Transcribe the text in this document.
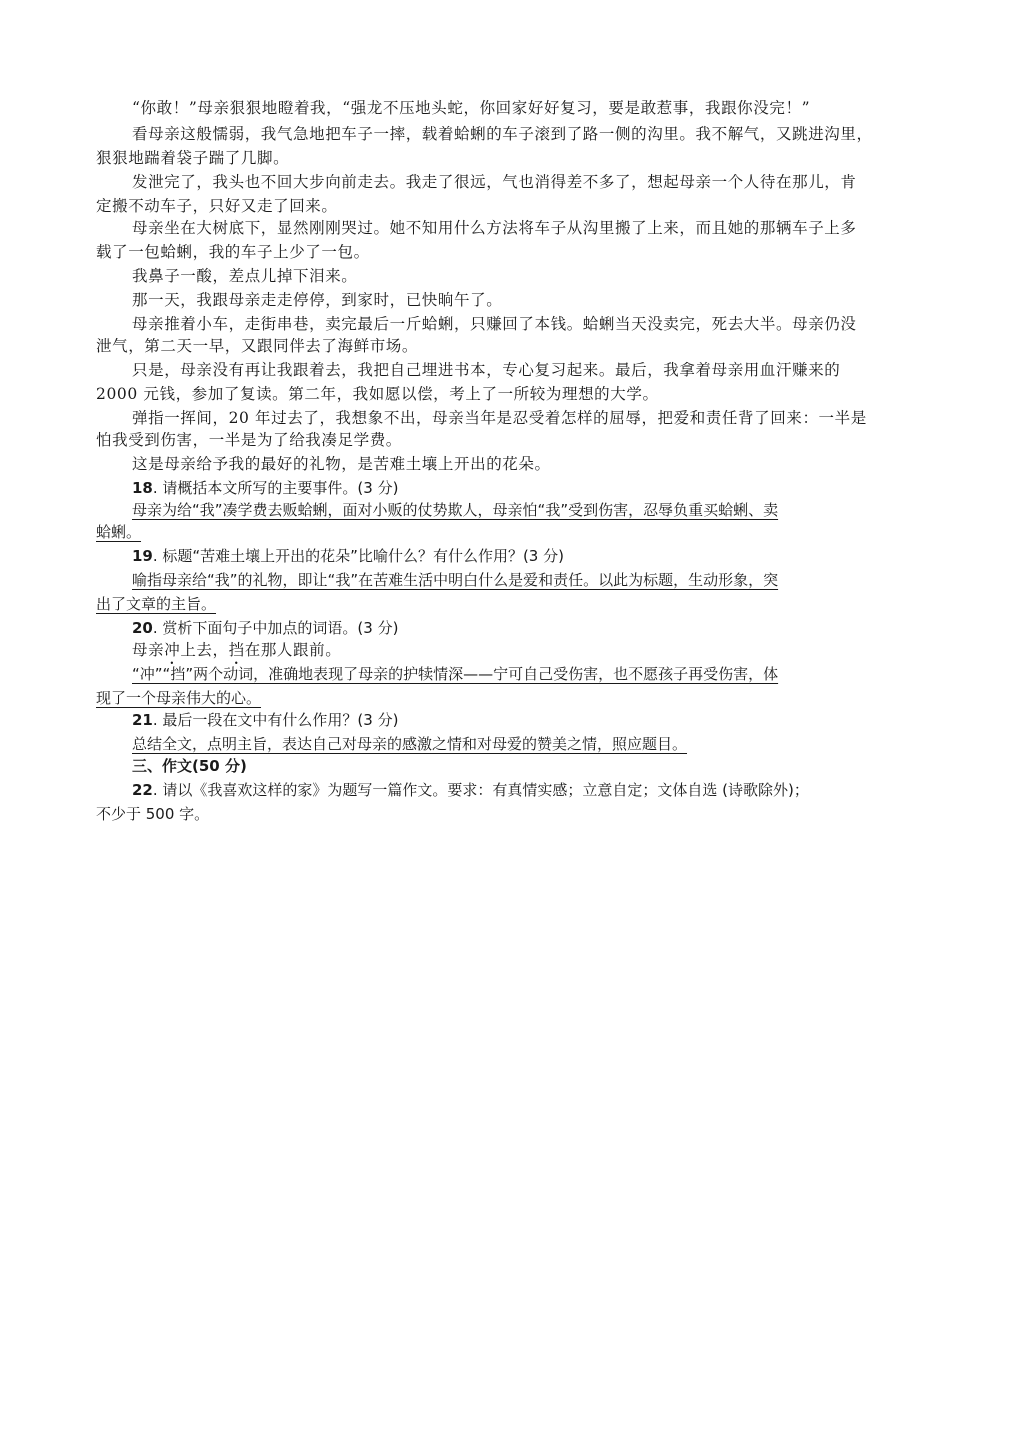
“你敢！”母亲狠狠地瞪着我，“强龙不压地头蛇，你回家好好复习，要是敢惹事，我跟你没完！”
看母亲这般懦弱，我气急地把车子一摔，载着蛤蜊的车子滚到了路一侧的沟里。我不解气，又跳进沟里，
狠狠地踹着袋子踹了几脚。
发泄完了，我头也不回大步向前走去。我走了很远，气也消得差不多了，想起母亲一个人待在那儿，肯
定搬不动车子，只好又走了回来。
母亲坐在大树底下，显然刚刚哭过。她不知用什么方法将车子从沟里搬了上来，而且她的那辆车子上多
载了一包蛤蜊，我的车子上少了一包。
我鼻子一酸，差点儿掉下泪来。
那一天，我跟母亲走走停停，到家时，已快晌午了。
母亲推着小车，走街串巷，卖完最后一斤蛤蜊，只赚回了本钱。蛤蜊当天没卖完，死去大半。母亲仍没
泄气，第二天一早，又跟同伴去了海鲜市场。
只是，母亲没有再让我跟着去，我把自己埋进书本，专心复习起来。最后，我拿着母亲用血汗赚来的
2000 元钱，参加了复读。第二年，我如愿以偿，考上了一所较为理想的大学。
弹指一挥间，20 年过去了，我想象不出，母亲当年是忍受着怎样的屈辱，把爱和责任背了回来：一半是
怕我受到伤害，一半是为了给我凑足学费。
这是母亲给予我的最好的礼物，是苦难土壤上开出的花朵。
18. 请概括本文所写的主要事件。(3 分)
母亲为给“我”凑学费去贩蛤蜊，面对小贩的仗势欺人，母亲怕“我”受到伤害，忍辱负重买蛤蜊、卖
蛤蜊。
19. 标题“苦难土壤上开出的花朵”比喻什么？有什么作用？(3 分)
喻指母亲给“我”的礼物，即让“我”在苦难生活中明白什么是爱和责任。以此为标题，生动形象，突
出了文章的主旨。
20. 赏析下面句子中加点的词语。(3 分)
母亲冲上去，挡在那人跟前。
“冲”“挡”两个动词，准确地表现了母亲的护犊情深——宁可自己受伤害，也不愿孩子再受伤害，体
现了一个母亲伟大的心。
21. 最后一段在文中有什么作用？(3 分)
总结全文，点明主旨，表达自己对母亲的感激之情和对母爱的赞美之情，照应题目。
三、作文(50 分)
22. 请以《我喜欢这样的家》为题写一篇作文。要求：有真情实感；立意自定；文体自选 (诗歌除外)；
不少于 500 字。
